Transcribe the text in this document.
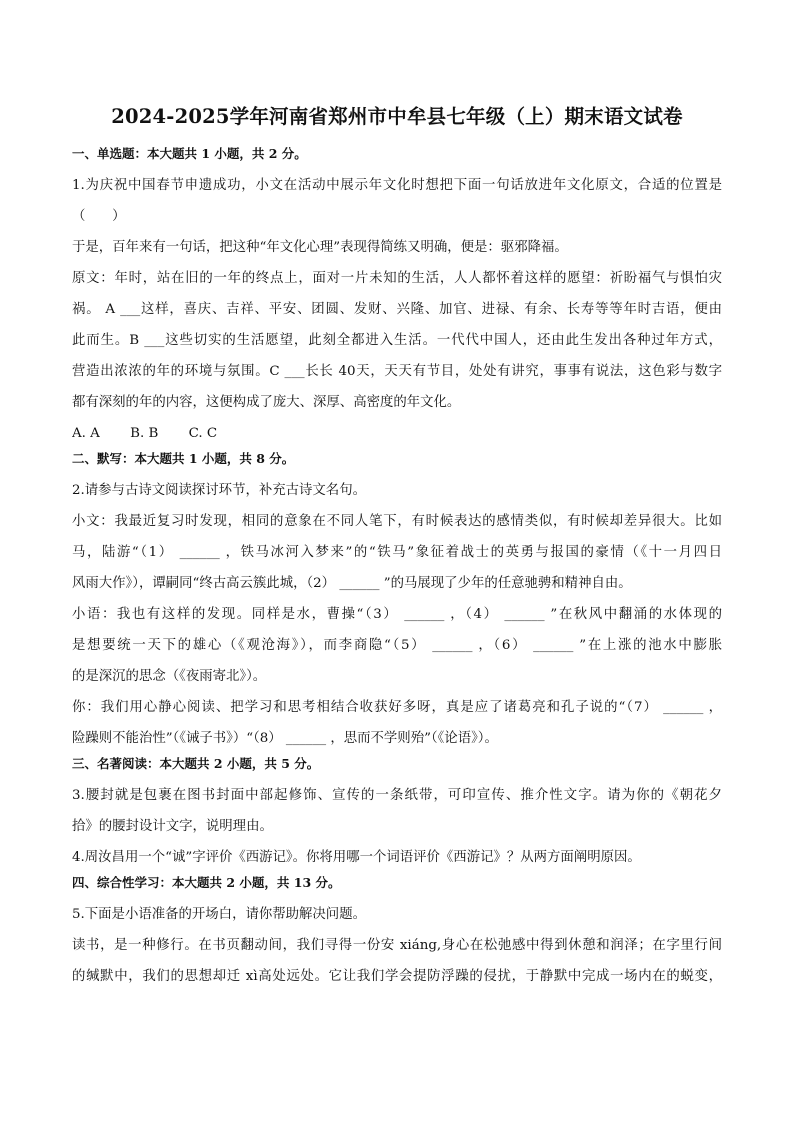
2024-2025学年河南省郑州市中牟县七年级（上）期末语文试卷
一、单选题：本大题共 1 小题，共 2 分。
1.为庆祝中国春节申遗成功，小文在活动中展示年文化时想把下面一句话放进年文化原文，合适的位置是
（　　）
于是，百年来有一句话，把这种“年文化心理”表现得简练又明确，便是：驱邪降福。
原文：年时，站在旧的一年的终点上，面对一片未知的生活，人人都怀着这样的愿望：祈盼福气与惧怕灾
祸。 A ___这样，喜庆、吉祥、平安、团圆、发财、兴隆、加官、进禄、有余、长寿等等年时吉语，便由
此而生。B ___这些切实的生活愿望，此刻全都进入生活。一代代中国人，还由此生发出各种过年方式，
营造出浓浓的年的环境与氛围。C ___长长 40天，天天有节目，处处有讲究，事事有说法，这色彩与数字
都有深刻的年的内容，这便构成了庞大、深厚、高密度的年文化。
A. A B. B C. C
二、默写：本大题共 1 小题，共 8 分。
2.请参与古诗文阅读探讨环节，补充古诗文名句。
小文：我最近复习时发现，相同的意象在不同人笔下，有时候表达的感情类似，有时候却差异很大。比如
马，陆游“（1） ______ ，铁马冰河入梦来”的“铁马”象征着战士的英勇与报国的豪情（《十一月四日
风雨大作》），谭嗣同“终古高云簇此城，（2） ______ ”的马展现了少年的任意驰骋和精神自由。
小语：我也有这样的发现。同样是水，曹操“（3） ______ ，（4） ______ ”在秋风中翻涌的水体现的
是想要统一天下的雄心（《观沧海》），而李商隐“（5） ______ ，（6） ______ ”在上涨的池水中膨胀
的是深沉的思念（《夜雨寄北》）。
你：我们用心静心阅读、把学习和思考相结合收获好多呀，真是应了诸葛亮和孔子说的“（7） ______ ，
险躁则不能治性”（《诫子书》）“（8） ______ ，思而不学则殆”（《论语》）。
三、名著阅读：本大题共 2 小题，共 5 分。
3.腰封就是包裹在图书封面中部起修饰、宣传的一条纸带，可印宣传、推介性文字。请为你的《朝花夕
拾》的腰封设计文字，说明理由。
4.周汝昌用一个“诚”字评价《西游记》。你将用哪一个词语评价《西游记》？从两方面阐明原因。
四、综合性学习：本大题共 2 小题，共 13 分。
5.下面是小语准备的开场白，请你帮助解决问题。
读书，是一种修行。在书页翻动间，我们寻得一份安 xiáng,身心在松弛感中得到休憩和润泽；在字里行间
的缄默中，我们的思想却迁 xì高处远处。它让我们学会提防浮躁的侵扰，于静默中完成一场内在的蜕变，
